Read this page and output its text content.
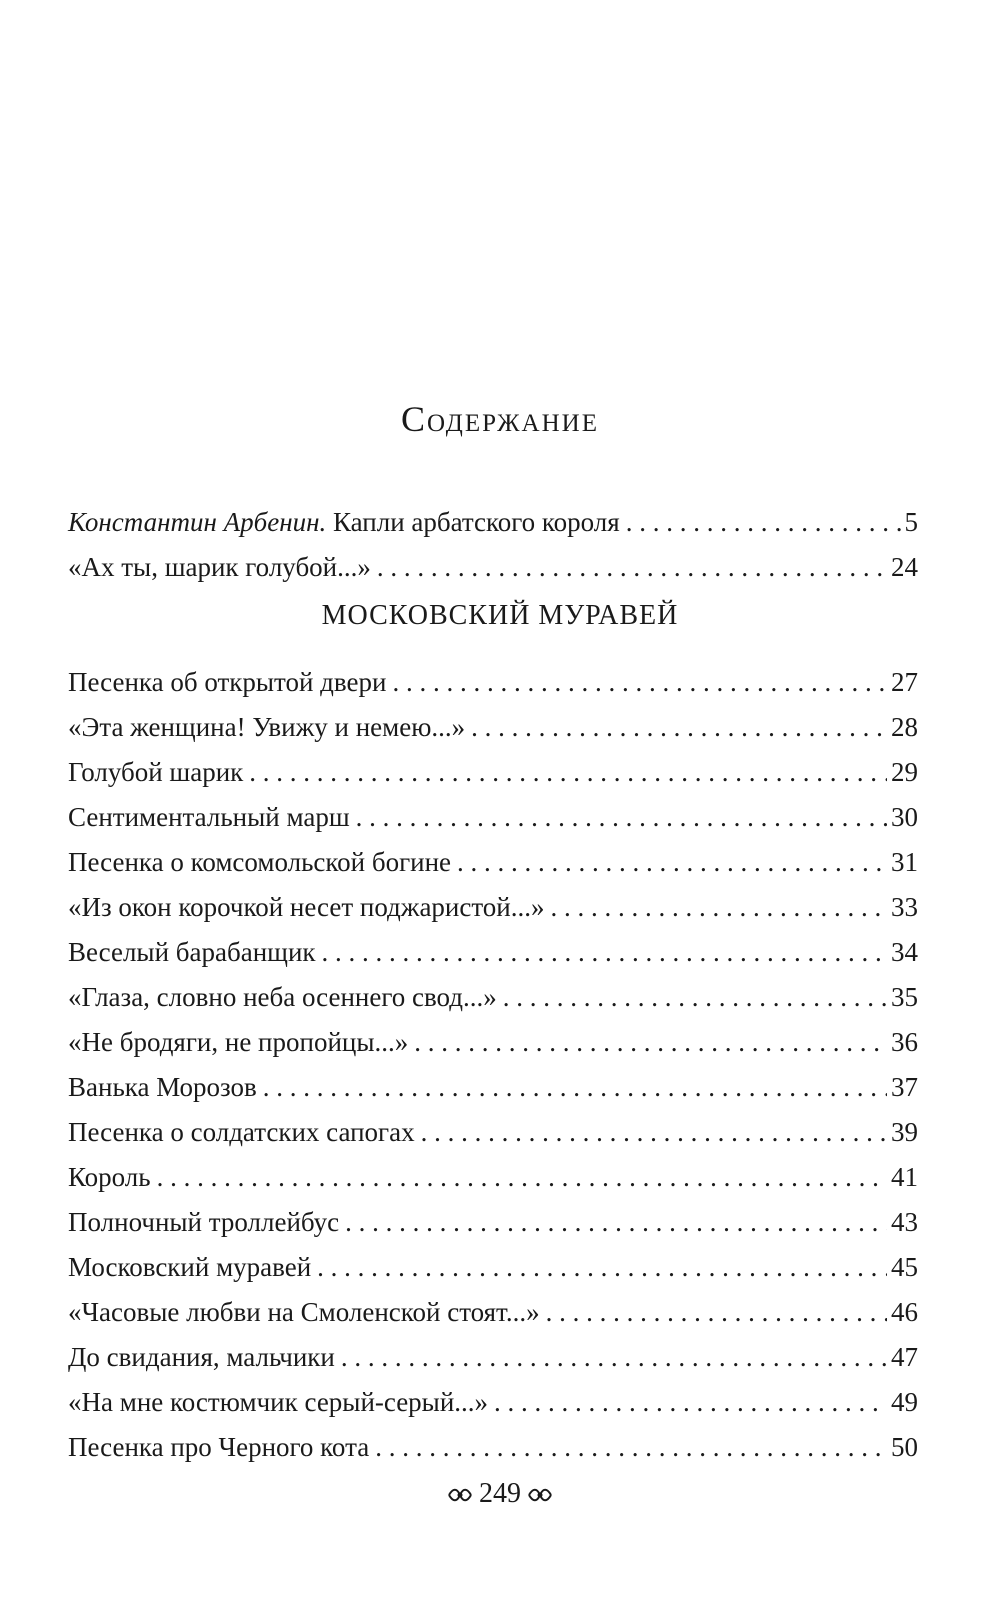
Содержание
Константин Арбенин. Капли арбатского короля . . .	5
«Ах ты, шарик голубой...» . . .	24
МОСКОВСКИЙ МУРАВЕЙ
Песенка об открытой двери . . .	27
«Эта женщина! Увижу и немею...» . . .	28
Голубой шарик . . .	29
Сентиментальный марш . . .	30
Песенка о комсомольской богине . . .	31
«Из окон корочкой несет поджаристой...» . . .	33
Веселый барабанщик . . .	34
«Глаза, словно неба осеннего свод...» . . .	35
«Не бродяги, не пропойцы...» . . .	36
Ванька Морозов . . .	37
Песенка о солдатских сапогах . . .	39
Король . . .	41
Полночный троллейбус . . .	43
Московский муравей . . .	45
«Часовые любви на Смоленской стоят...» . . .	46
До свидания, мальчики . . .	47
«На мне костюмчик серый-серый...» . . .	49
Песенка про Черного кота . . .	50
249
